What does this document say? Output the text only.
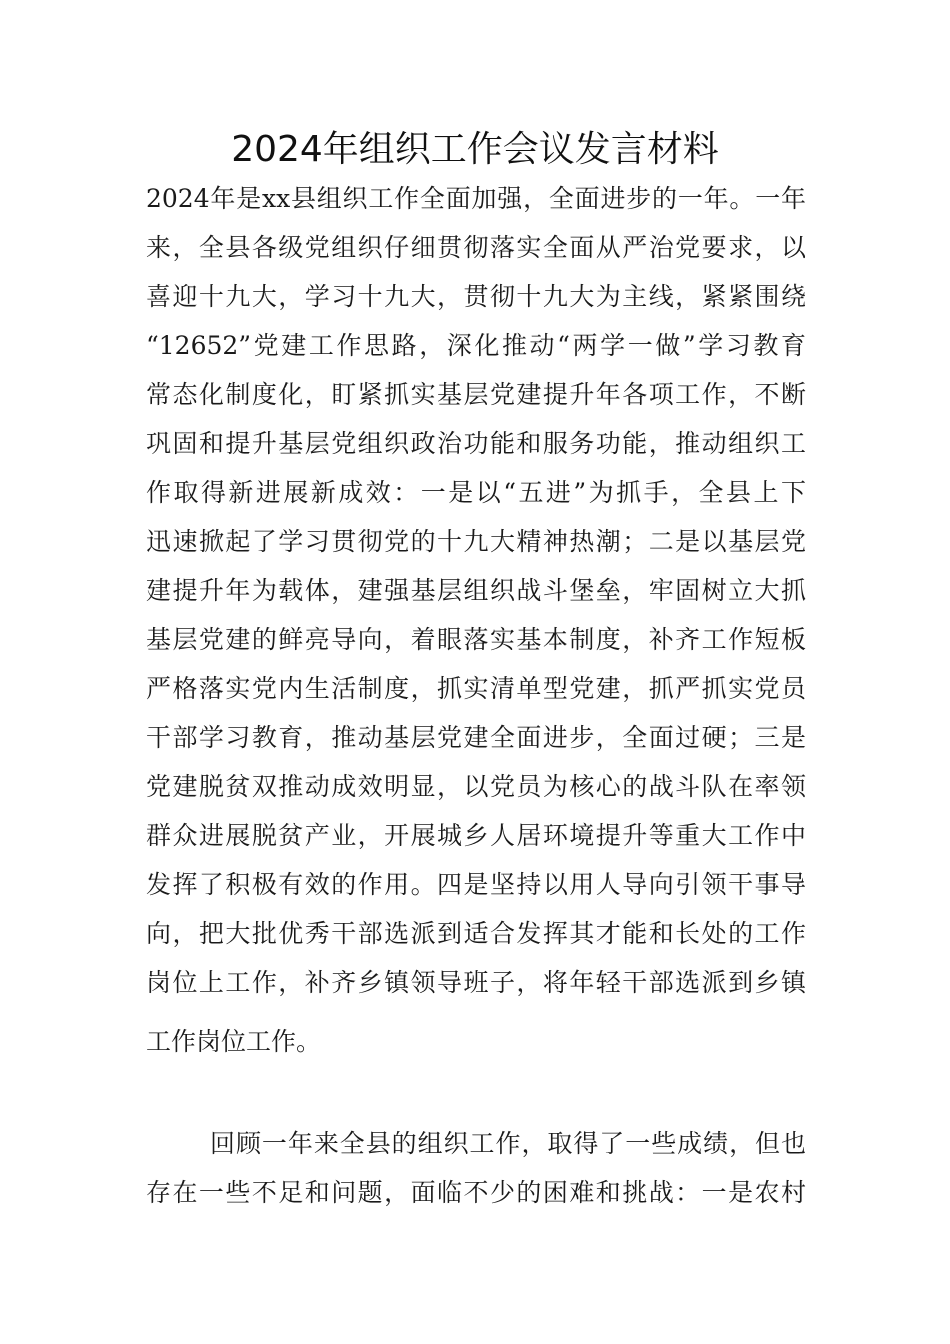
2024年组织工作会议发言材料

2024年是xx县组织工作全面加强，全面进步的一年。一年

来，全县各级党组织仔细贯彻落实全面从严治党要求，以

喜迎十九大，学习十九大，贯彻十九大为主线，紧紧围绕

“12652”党建工作思路，深化推动“两学一做”学习教育

常态化制度化，盯紧抓实基层党建提升年各项工作，不断

巩固和提升基层党组织政治功能和服务功能，推动组织工

作取得新进展新成效：一是以“五进”为抓手，全县上下

迅速掀起了学习贯彻党的十九大精神热潮；二是以基层党

建提升年为载体，建强基层组织战斗堡垒，牢固树立大抓

基层党建的鲜亮导向，着眼落实基本制度，补齐工作短板

严格落实党内生活制度，抓实清单型党建，抓严抓实党员

干部学习教育，推动基层党建全面进步，全面过硬；三是

党建脱贫双推动成效明显，以党员为核心的战斗队在率领

群众进展脱贫产业，开展城乡人居环境提升等重大工作中

发挥了积极有效的作用。四是坚持以用人导向引领干事导

向，把大批优秀干部选派到适合发挥其才能和长处的工作

岗位上工作，补齐乡镇领导班子，将年轻干部选派到乡镇

工作岗位工作。

回顾一年来全县的组织工作，取得了一些成绩，但也

存在一些不足和问题，面临不少的困难和挑战：一是农村
